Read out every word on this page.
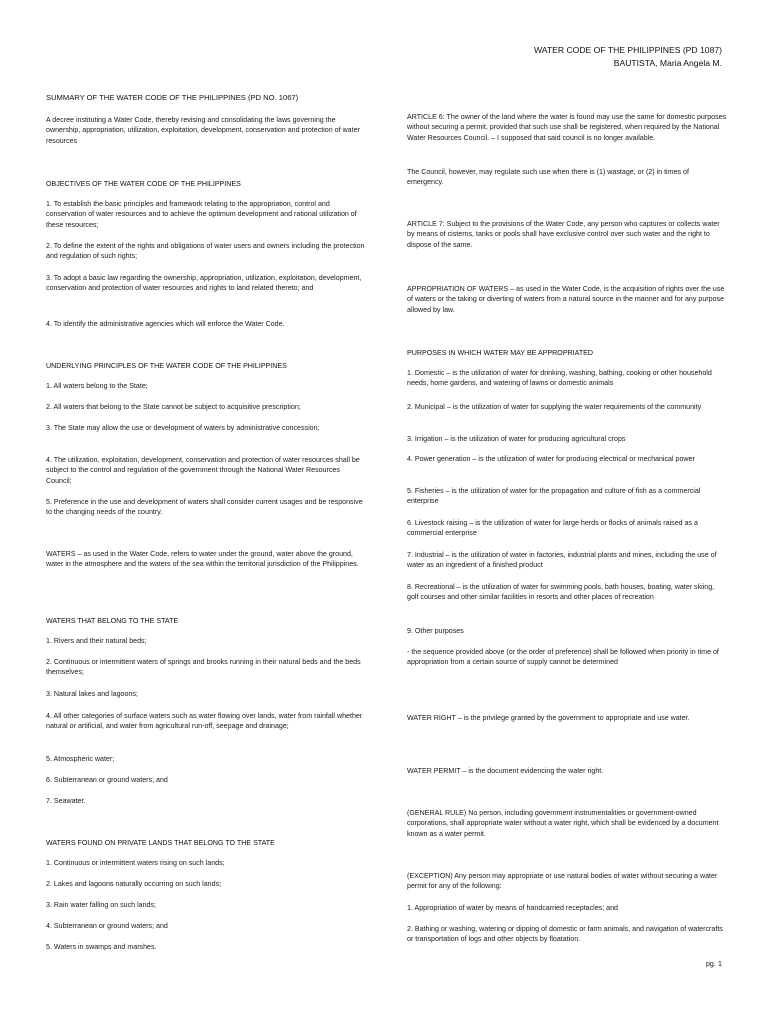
WATER CODE OF THE PHILIPPINES (PD 1087)
BAUTISTA, Maria Angela M.

SUMMARY OF THE WATER CODE OF THE PHILIPPINES (PD NO. 1067)

A decree instituting a Water Code, thereby revising and consolidating the laws governing the ownership, appropriation, utilization, exploitation, development, conservation and protection of water resources

OBJECTIVES OF THE WATER CODE OF THE PHILIPPINES

1. To establish the basic principles and framework relating to the appropriation, control and conservation of water resources and to achieve the optimum development and rational utilization of these resources;

2. To define the extent of the rights and obligations of water users and owners including the protection and regulation of such rights;

3. To adopt a basic law regarding the ownership, appropriation, utilization, exploitation, development, conservation and protection of water resources and rights to land related thereto; and

4. To identify the administrative agencies which will enforce the Water Code.

UNDERLYING PRINCIPLES OF THE WATER CODE OF THE PHILIPPINES

1. All waters belong to the State;

2. All waters that belong to the State cannot be subject to acquisitive prescription;

3. The State may allow the use or development of waters by administrative concession;

4. The utilization, exploitation, development, conservation and protection of water resources shall be subject to the control and regulation of the government through the National Water Resources Council;

5. Preference in the use and development of waters shall consider current usages and be responsive to the changing needs of the country.

WATERS – as used in the Water Code, refers to water under the ground, water above the ground, water in the atmosphere and the waters of the sea within the territorial jurisdiction of the Philippines.

WATERS THAT BELONG TO THE STATE

1. Rivers and their natural beds;

2. Continuous or intermittent waters of springs and brooks running in their natural beds and the beds themselves;

3. Natural lakes and lagoons;

4. All other categories of surface waters such as water flowing over lands, water from rainfall whether natural or artificial, and water from agricultural run-off, seepage and drainage;

5. Atmospheric water;

6. Subterranean or ground waters; and

7. Seawater.

WATERS FOUND ON PRIVATE LANDS THAT BELONG TO THE STATE

1. Continuous or intermittent waters rising on such lands;

2. Lakes and lagoons naturally occurring on such lands;

3. Rain water falling on such lands;

4. Subterranean or ground waters; and

5. Waters in swamps and marshes.

ARTICLE 6: The owner of the land where the water is found may use the same for domestic purposes without securing a permit, provided that such use shall be registered, when required by the National Water Resources Council. – I supposed that said council is no longer available.

The Council, however, may regulate such use when there is (1) wastage, or (2) in times of emergency.

ARTICLE 7: Subject to the provisions of the Water Code, any person who captures or collects water by means of cisterns, tanks or pools shall have exclusive control over such water and the right to dispose of the same.

APPROPRIATION OF WATERS – as used in the Water Code, is the acquisition of rights over the use of waters or the taking or diverting of waters from a natural source in the manner and for any purpose allowed by law.

PURPOSES IN WHICH WATER MAY BE APPROPRIATED

1. Domestic – is the utilization of water for drinking, washing, bathing, cooking or other household needs, home gardens, and watering of lawns or domestic animals

2. Municipal – is the utilization of water for supplying the water requirements of the community

3. Irrigation – is the utilization of water for producing agricultural crops

4. Power generation – is the utilization of water for producing electrical or mechanical power

5. Fisheries – is the utilization of water for the propagation and culture of fish as a commercial enterprise

6. Livestock raising – is the utilization of water for large herds or flocks of animals raised as a commercial enterprise

7. Industrial – is the utilization of water in factories, industrial plants and mines, including the use of water as an ingredient of a finished product

8. Recreational – is the utilization of water for swimming pools, bath houses, boating, water skiing, golf courses and other similar facilities in resorts and other places of recreation

9. Other purposes

- the sequence provided above (or the order of preference) shall be followed when priority in time of appropriation from a certain source of supply cannot be determined

WATER RIGHT – is the privilege granted by the government to appropriate and use water.

WATER PERMIT – is the document evidencing the water right.

(GENERAL RULE) No person, including government instrumentalities or government-owned corporations, shall appropriate water without a water right, which shall be evidenced by a document known as a water permit.

(EXCEPTION) Any person may appropriate or use natural bodies of water without securing a water permit for any of the following:

1. Appropriation of water by means of handcarried receptacles; and

2. Bathing or washing, watering or dipping of domestic or farm animals, and navigation of watercrafts or transportation of logs and other objects by floatation.

pg. 1
